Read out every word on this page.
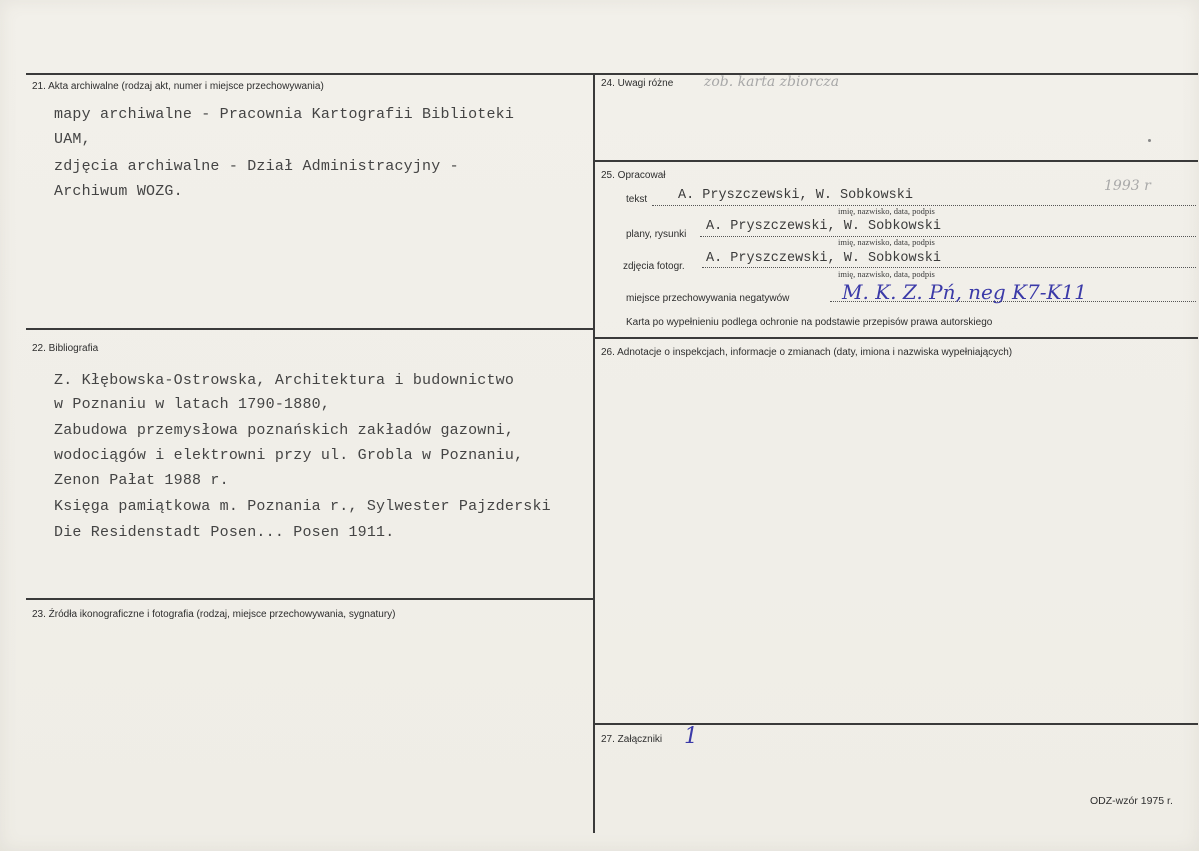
21. Akta archiwalne (rodzaj akt, numer i miejsce przechowywania)
mapy archiwalne - Pracownia Kartografii Biblioteki
UAM,
zdjęcia archiwalne - Dział Administracyjny -
Archiwum WOZG.
22. Bibliografia
Z. Kłębowska-Ostrowska, Architektura i budownictwo
w Poznaniu w latach 1790-1880,
Zabudowa przemysłowa poznańskich zakładów gazowni,
wodociągów i elektrowni przy ul. Grobla w Poznaniu,
Zenon Pałat 1988 r.
Księga pamiątkowa m. Poznania r., Sylwester Pajzderski
Die Residenstadt Posen... Posen 1911.
23. Źródła ikonograficzne i fotografia (rodzaj, miejsce przechowywania, sygnatury)
24. Uwagi różne zob. karta zbiorcza
25. Opracował
1993 r
tekst A. Pryszczewski, W. Sobkowski
imię, nazwisko, data, podpis
plany, rysunki
A. Pryszczewski, W. Sobkowski
imię, nazwisko, data, podpis
zdjęcia fotogr.
A. Pryszczewski, W. Sobkowski
imię, nazwisko, data, podpis
miejsce przechowywania negatywów	M. K. Z. Pń, neg K7-K11
Karta po wypełnieniu podlega ochronie na podstawie przepisów prawa autorskiego
26. Adnotacje o inspekcjach, informacje o zmianach (daty, imiona i nazwiska wypełniających)
27. Załączniki 1
ODZ-wzór 1975 r.
